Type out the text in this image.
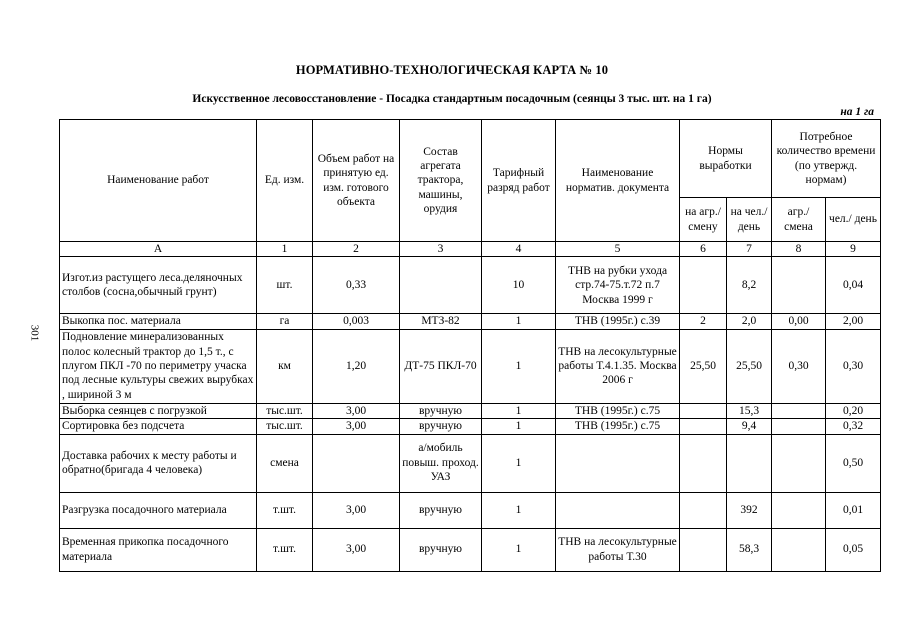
НОРМАТИВНО-ТЕХНОЛОГИЧЕСКАЯ КАРТА № 10
Искусственное лесовосстановление - Посадка стандартным посадочным (сеянцы 3 тыс. шт. на 1 га)
на 1 га
301
Наименование работ	Ед. изм.	Объем работ на принятую ед. изм. готового объекта	Состав агрегата трактора, машины, орудия	Тарифный разряд работ	Наименование норматив. документа	Нормы выработки		Потребное количество времени (по утвержд. нормам)	
						на агр./ смену	на чел./ день	агр./ смена	чел./ день
А	1	2	3	4	5	6	7	8	9
Изгот.из растущего леса.деляночных столбов (сосна,обычный грунт)	шт.	0,33		10	ТНВ на рубки ухода стр.74-75.т.72 п.7 Москва 1999 г		8,2		0,04
Выкопка пос. материала	га	0,003	МТЗ-82	1	ТНВ (1995г.) с.39	2	2,0	0,00	2,00
Подновление минерализованных полос колесный трактор до 1,5 т., с плугом ПКЛ -70 по периметру учаска под лесные культуры свежих вырубках , шириной 3 м	км	1,20	ДТ-75 ПКЛ-70	1	ТНВ на лесокультурные работы Т.4.1.35. Москва 2006 г	25,50	25,50	0,30	0,30
Выборка сеянцев с погрузкой	тыс.шт.	3,00	вручную	1	ТНВ (1995г.) с.75		15,3		0,20
Сортировка без подсчета	тыс.шт.	3,00	вручную	1	ТНВ (1995г.) с.75		9,4		0,32
Доставка рабочих к месту работы и обратно(бригада 4 человека)	смена		а/мобиль повыш. проход. УАЗ	1					0,50
Разгрузка посадочного материала	т.шт.	3,00	вручную	1			392		0,01
Временная прикопка посадочного материала	т.шт.	3,00	вручную	1	ТНВ на лесокультурные работы Т.30		58,3		0,05
